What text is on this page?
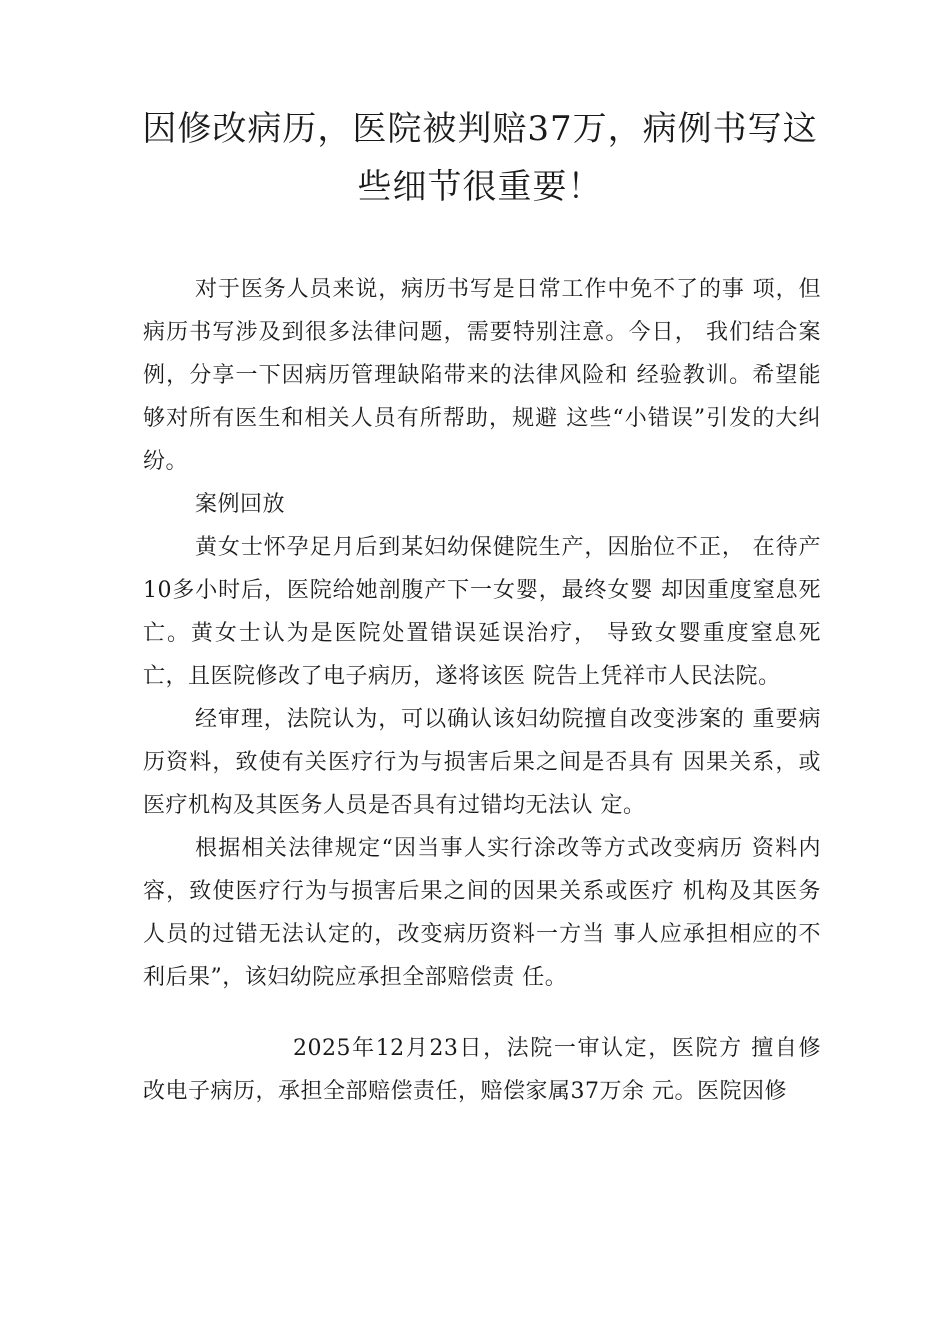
因修改病历，医院被判赔37万，病例书写这
些细节很重要！

对于医务人员来说，病历书写是日常工作中免不了的事 项，但病历书写涉及到很多法律问题，需要特别注意。今日， 我们结合案例，分享一下因病历管理缺陷带来的法律风险和 经验教训。希望能够对所有医生和相关人员有所帮助，规避 这些“小错误”引发的大纠纷。

案例回放

黄女士怀孕足月后到某妇幼保健院生产，因胎位不正， 在待产10多小时后，医院给她剖腹产下一女婴，最终女婴 却因重度窒息死亡。黄女士认为是医院处置错误延误治疗， 导致女婴重度窒息死亡，且医院修改了电子病历，遂将该医 院告上凭祥市人民法院。

经审理，法院认为，可以确认该妇幼院擅自改变涉案的 重要病历资料，致使有关医疗行为与损害后果之间是否具有 因果关系，或医疗机构及其医务人员是否具有过错均无法认 定。

根据相关法律规定“因当事人实行涂改等方式改变病历 资料内容，致使医疗行为与损害后果之间的因果关系或医疗 机构及其医务人员的过错无法认定的，改变病历资料一方当 事人应承担相应的不利后果”，该妇幼院应承担全部赔偿责 任。

2025年12月23日，法院一审认定，医院方 擅自修改电子病历，承担全部赔偿责任，赔偿家属37万余 元。医院因修
